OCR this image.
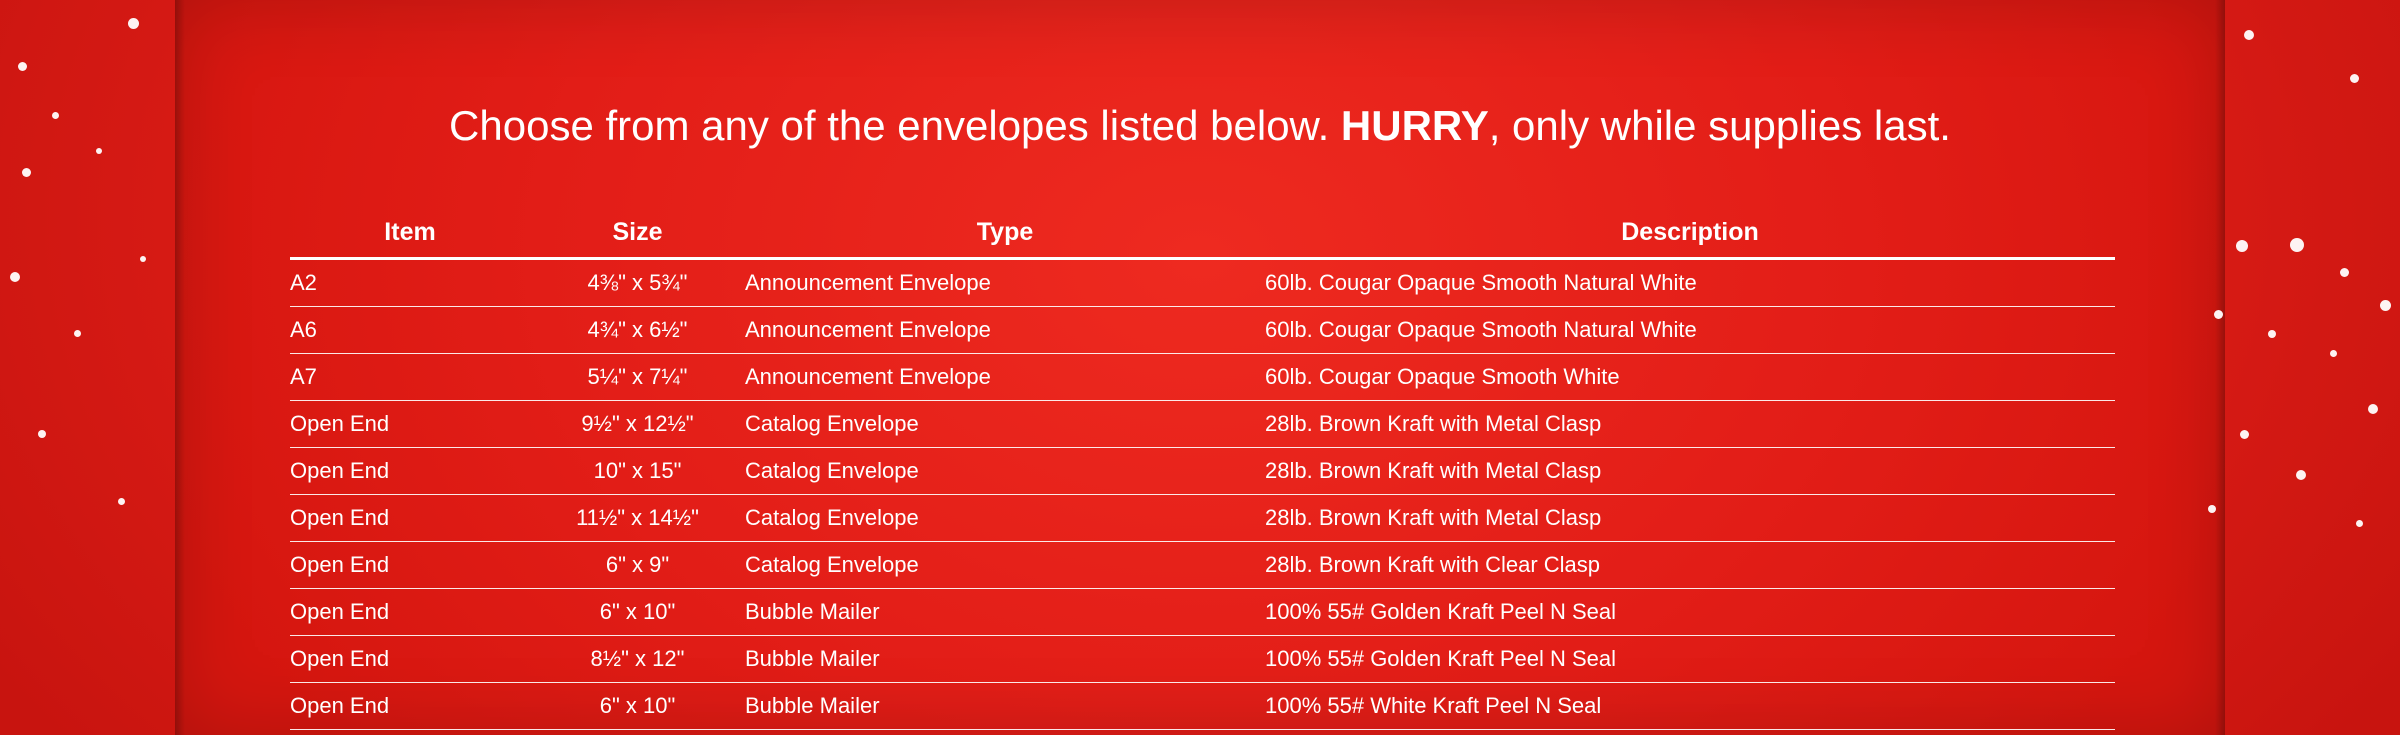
Choose from any of the envelopes listed below. HURRY, only while supplies last.
Item	Size	Type	Description
A2	4⅜" x 5¾"	Announcement Envelope	60lb. Cougar Opaque Smooth Natural White
A6	4¾" x 6½"	Announcement Envelope	60lb. Cougar Opaque Smooth Natural White
A7	5¼" x 7¼"	Announcement Envelope	60lb. Cougar Opaque Smooth White
Open End	9½" x 12½"	Catalog Envelope	28lb. Brown Kraft with Metal Clasp
Open End	10" x 15"	Catalog Envelope	28lb. Brown Kraft with Metal Clasp
Open End	11½" x 14½"	Catalog Envelope	28lb. Brown Kraft with Metal Clasp
Open End	6" x 9"	Catalog Envelope	28lb. Brown Kraft with Clear Clasp
Open End	6" x 10"	Bubble Mailer	100% 55# Golden Kraft Peel N Seal
Open End	8½" x 12"	Bubble Mailer	100% 55# Golden Kraft Peel N Seal
Open End	6" x 10"	Bubble Mailer	100% 55# White Kraft Peel N Seal
